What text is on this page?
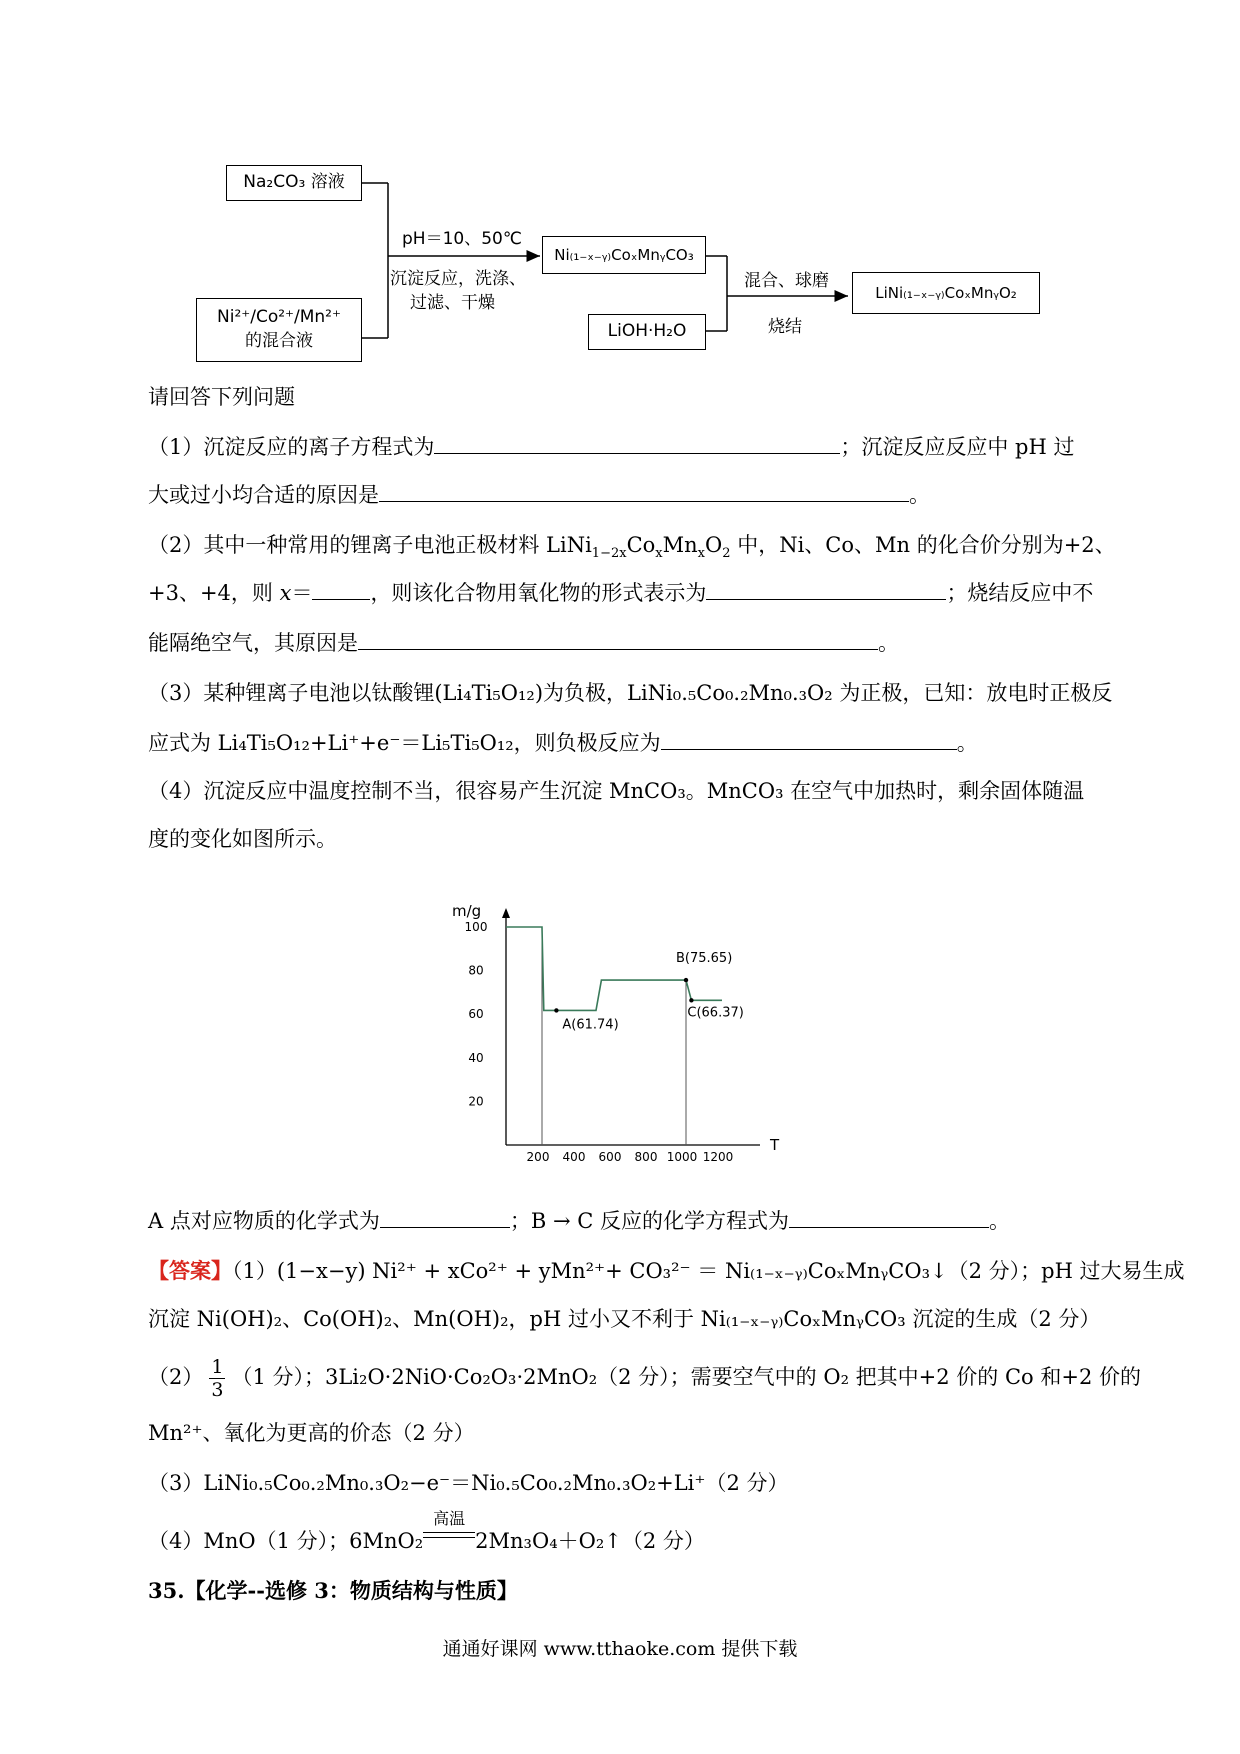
Na₂CO₃ 溶液
Ni²⁺/Co²⁺/Mn²⁺
的混合液
pH＝10、50℃
沉淀反应，洗涤、
过滤、干燥
Ni₍₁₋ₓ₋ᵧ₎CoₓMnᵧCO₃
LiOH·H₂O
混合、球磨
烧结
LiNi₍₁₋ₓ₋ᵧ₎CoₓMnᵧO₂
请回答下列问题
（1）沉淀反应的离子方程式为	；沉淀反应反应中 pH 过
大或过小均合适的原因是	。
（2）其中一种常用的锂离子电池正极材料 $LiNi_{1-2x}Co_xMn_xO_2$ 中，Ni、Co、Mn 的化合价分别为+2、
+3、+4，则 x＝	，则该化合物用氧化物的形式表示为	；烧结反应中不
能隔绝空气，其原因是	。
（3）某种锂离子电池以钛酸锂(Li₄Ti₅O₁₂)为负极，LiNi₀.₅Co₀.₂Mn₀.₃O₂ 为正极，已知：放电时正极反
应式为 Li₄Ti₅O₁₂+Li⁺+e⁻＝Li₅Ti₅O₁₂，则负极反应为	。
（4）沉淀反应中温度控制不当，很容易产生沉淀 MnCO₃。MnCO₃ 在空气中加热时，剩余固体随温
度的变化如图所示。
m/g
T
100
80
60
40
20
200 400 600 800 1000 1200
A(61.74)
B(75.65)
C(66.37)
A 点对应物质的化学式为	；B → C 反应的化学方程式为	。
【答案】（1）(1−x−y) Ni²⁺ + xCo²⁺ + yMn²⁺+ CO₃²⁻ ＝ Ni₍₁₋ₓ₋ᵧ₎CoₓMnᵧCO₃↓（2 分）；pH 过大易生成
沉淀 Ni(OH)₂、Co(OH)₂、Mn(OH)₂，pH 过小又不利于 Ni₍₁₋ₓ₋ᵧ₎CoₓMnᵧCO₃ 沉淀的生成（2 分）
$(2) \frac{1}{3} (1$ 分）；3Li₂O·2NiO·Co₂O₃·2MnO₂（2 分）；需要空气中的 O₂ 把其中+2 价的 Co 和+2 价的
Mn²⁺、氧化为更高的价态（2 分）
（3）LiNi₀.₅Co₀.₂Mn₀.₃O₂−e⁻＝Ni₀.₅Co₀.₂Mn₀.₃O₂+Li⁺（2 分）
（4）MnO（1 分）；6MnO₂
高温
2Mn₃O₄＋O₂↑（2 分）
35.【化学--选修 3：物质结构与性质】
通通好课网 www.tthaoke.com 提供下载
